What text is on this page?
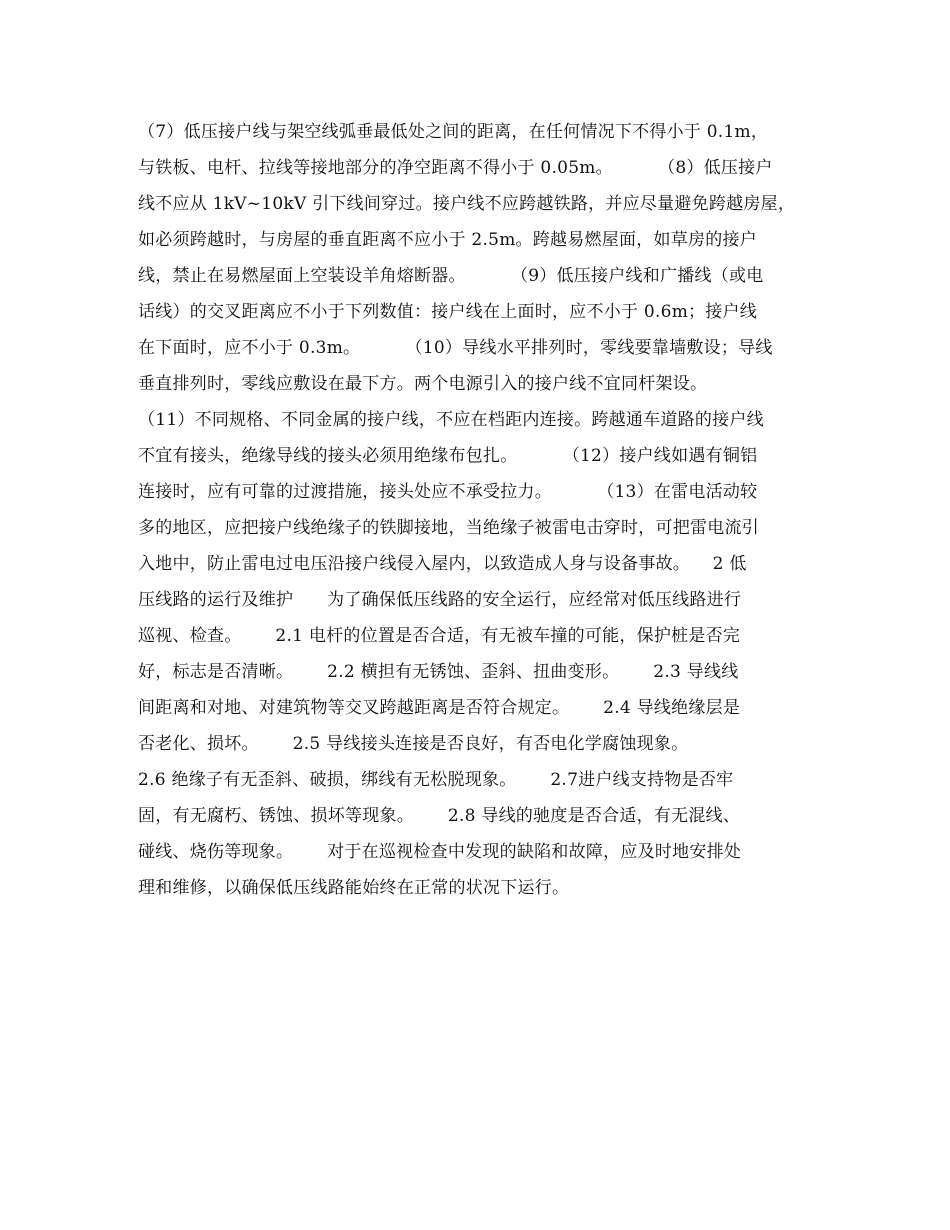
（7）低压接户线与架空线弧垂最低处之间的距离，在任何情况下不得小于 0.1m，
与铁板、电杆、拉线等接地部分的净空距离不得小于 0.05m。        （8）低压接户
线不应从 1kV~10kV 引下线间穿过。接户线不应跨越铁路，并应尽量避免跨越房屋，
如必须跨越时，与房屋的垂直距离不应小于 2.5m。跨越易燃屋面，如草房的接户
线，禁止在易燃屋面上空装设羊角熔断器。        （9）低压接户线和广播线（或电
话线）的交叉距离应不小于下列数值：接户线在上面时，应不小于 0.6m；接户线
在下面时，应不小于 0.3m。        （10）导线水平排列时，零线要靠墙敷设；导线
垂直排列时，零线应敷设在最下方。两个电源引入的接户线不宜同杆架设。
（11）不同规格、不同金属的接户线，不应在档距内连接。跨越通车道路的接户线
不宜有接头，绝缘导线的接头必须用绝缘布包扎。        （12）接户线如遇有铜铝
连接时，应有可靠的过渡措施，接头处应不承受拉力。        （13）在雷电活动较
多的地区，应把接户线绝缘子的铁脚接地，当绝缘子被雷电击穿时，可把雷电流引
入地中，防止雷电过电压沿接户线侵入屋内，以致造成人身与设备事故。    2 低
压线路的运行及维护      为了确保低压线路的安全运行，应经常对低压线路进行
巡视、检查。      2.1 电杆的位置是否合适，有无被车撞的可能，保护桩是否完
好，标志是否清晰。      2.2 横担有无锈蚀、歪斜、扭曲变形。      2.3 导线线
间距离和对地、对建筑物等交叉跨越距离是否符合规定。      2.4 导线绝缘层是
否老化、损坏。      2.5 导线接头连接是否良好，有否电化学腐蚀现象。
2.6 绝缘子有无歪斜、破损，绑线有无松脱现象。      2.7进户线支持物是否牢
固，有无腐朽、锈蚀、损坏等现象。      2.8 导线的驰度是否合适，有无混线、
碰线、烧伤等现象。      对于在巡视检查中发现的缺陷和故障，应及时地安排处
理和维修，以确保低压线路能始终在正常的状况下运行。
